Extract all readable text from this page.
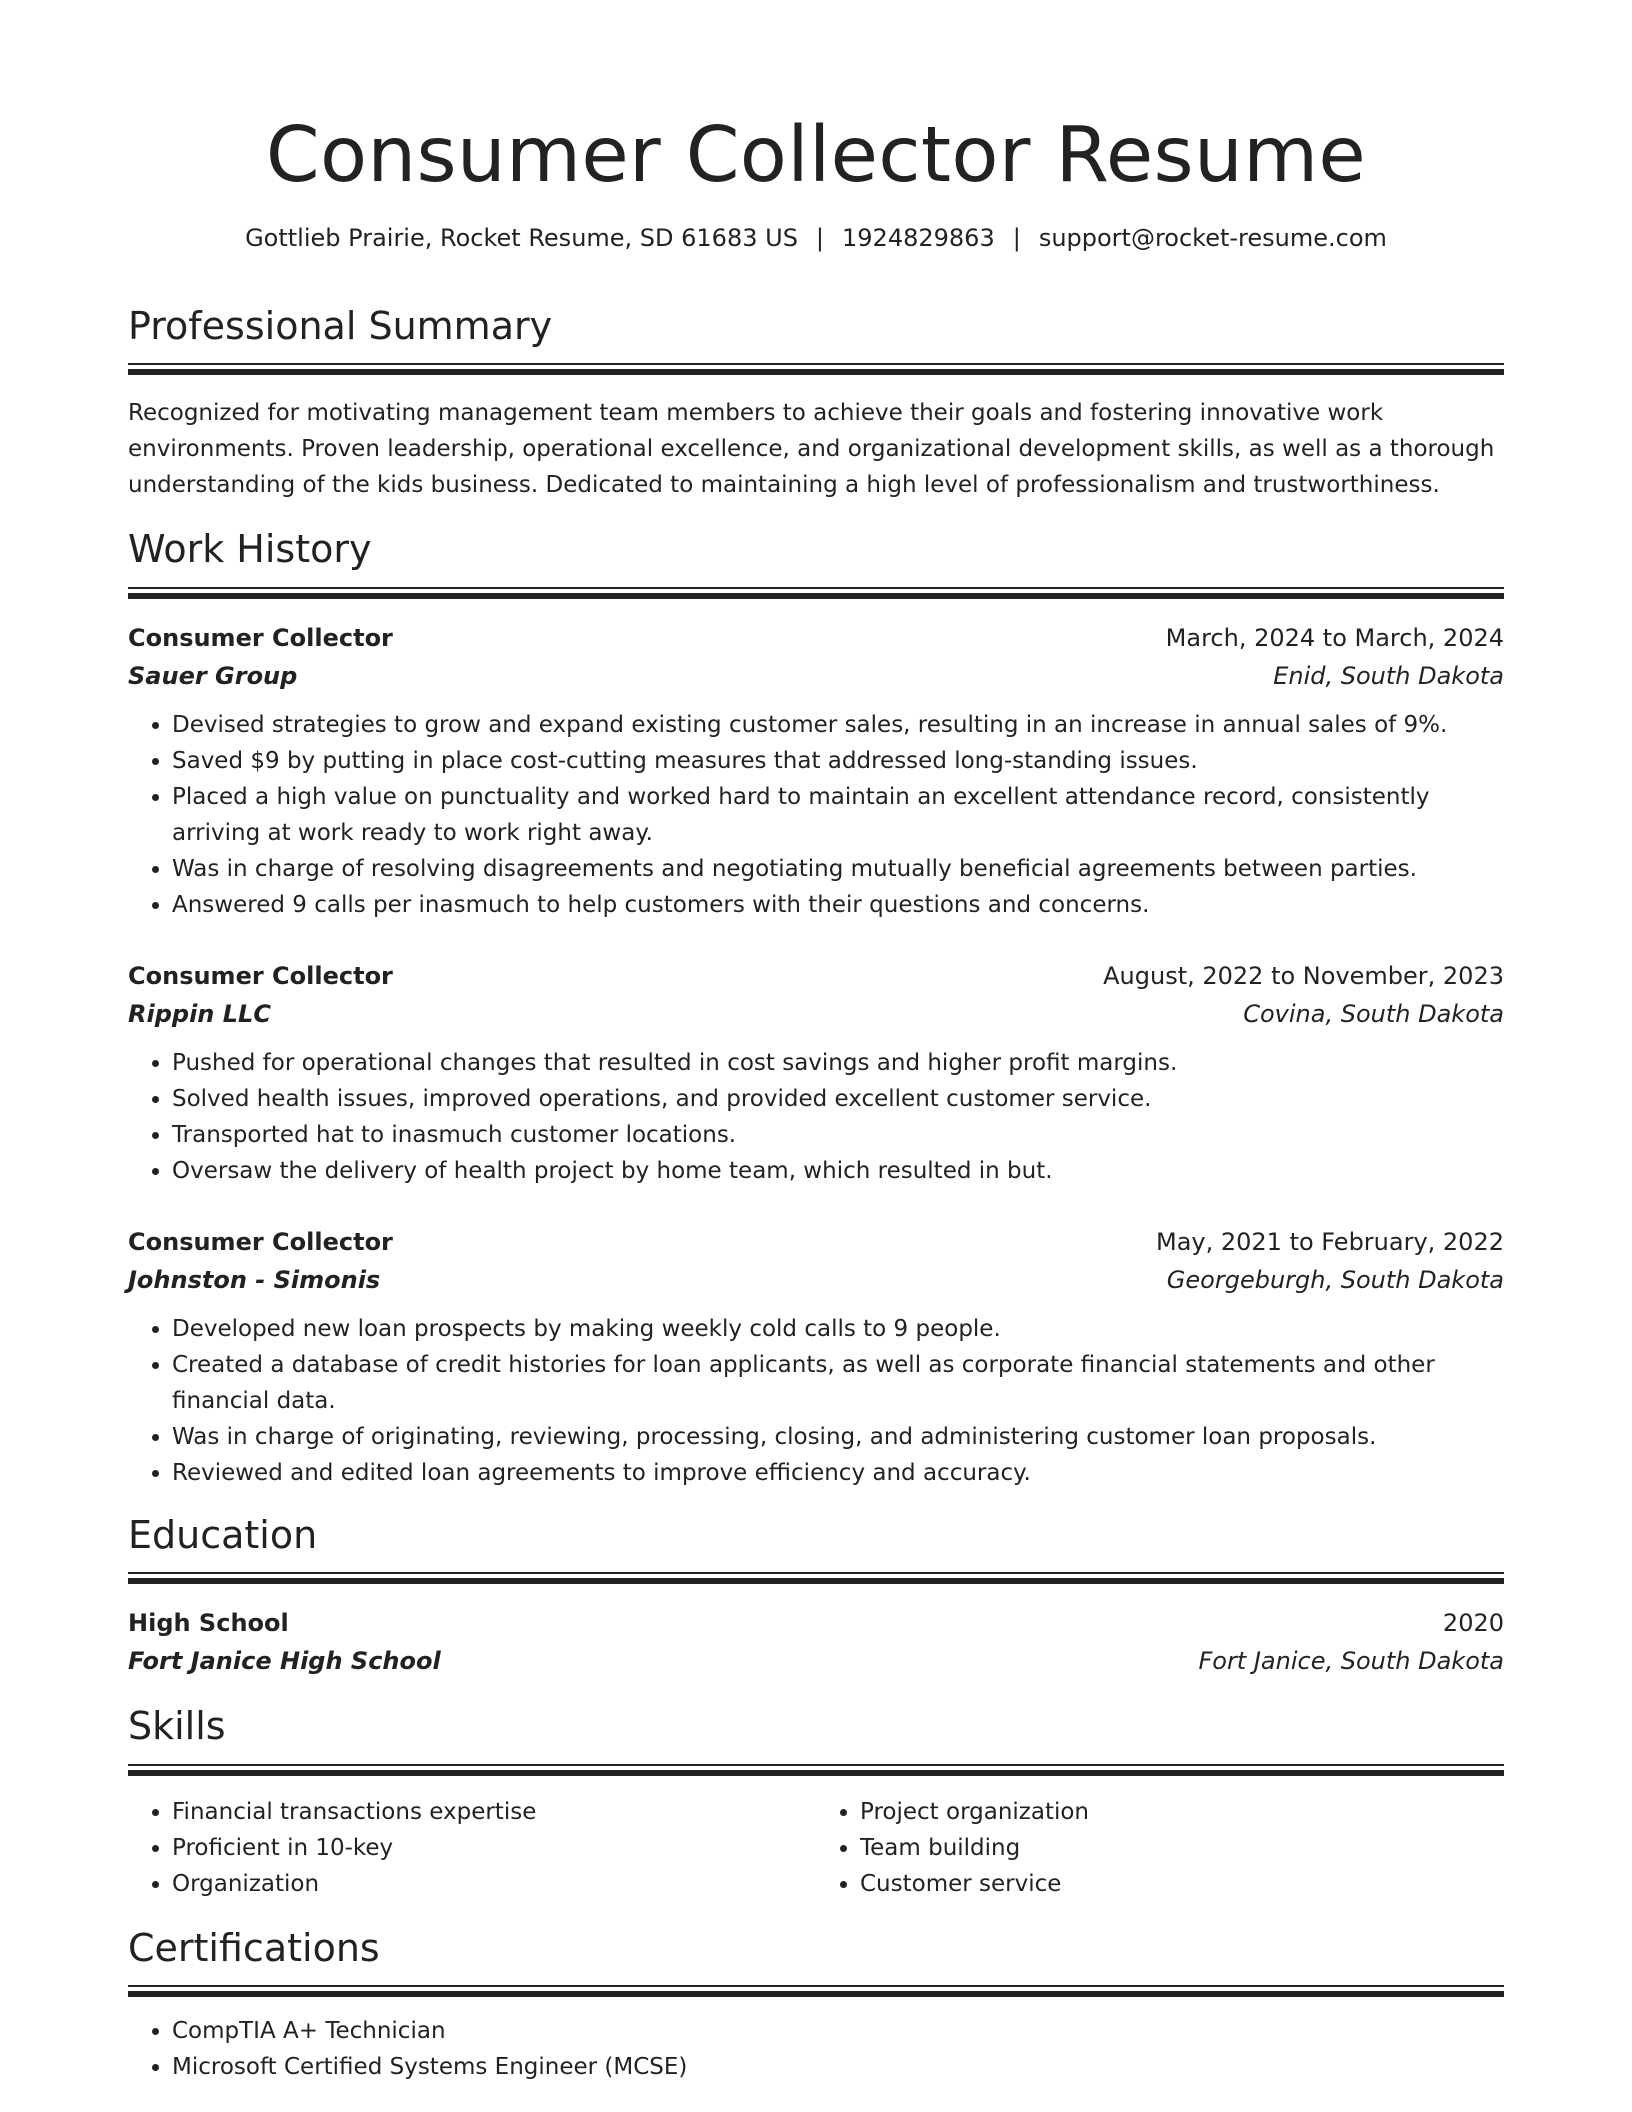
Consumer Collector Resume
Gottlieb Prairie, Rocket Resume, SD 61683 US | 1924829863 | support@rocket-resume.com
Professional Summary

Recognized for motivating management team members to achieve their goals and fostering innovative work environments. Proven leadership, operational excellence, and organizational development skills, as well as a thorough understanding of the kids business. Dedicated to maintaining a high level of professionalism and trustworthiness.

Work History
Consumer Collector	March, 2024 to March, 2024
Sauer Group	Enid, South Dakota
• Devised strategies to grow and expand existing customer sales, resulting in an increase in annual sales of 9%.
• Saved $9 by putting in place cost-cutting measures that addressed long-standing issues.
• Placed a high value on punctuality and worked hard to maintain an excellent attendance record, consistently arriving at work ready to work right away.
• Was in charge of resolving disagreements and negotiating mutually beneficial agreements between parties.
• Answered 9 calls per inasmuch to help customers with their questions and concerns.
Consumer Collector	August, 2022 to November, 2023
Rippin LLC	Covina, South Dakota
• Pushed for operational changes that resulted in cost savings and higher profit margins.
• Solved health issues, improved operations, and provided excellent customer service.
• Transported hat to inasmuch customer locations.
• Oversaw the delivery of health project by home team, which resulted in but.
Consumer Collector	May, 2021 to February, 2022
Johnston - Simonis	Georgeburgh, South Dakota
• Developed new loan prospects by making weekly cold calls to 9 people.
• Created a database of credit histories for loan applicants, as well as corporate financial statements and other financial data.
• Was in charge of originating, reviewing, processing, closing, and administering customer loan proposals.
• Reviewed and edited loan agreements to improve efficiency and accuracy.
Education
High School	2020
Fort Janice High School	Fort Janice, South Dakota
Skills
• Financial transactions expertise
• Proficient in 10-key
• Organization
• Project organization
• Team building
• Customer service
Certifications
• CompTIA A+ Technician
• Microsoft Certified Systems Engineer (MCSE)
